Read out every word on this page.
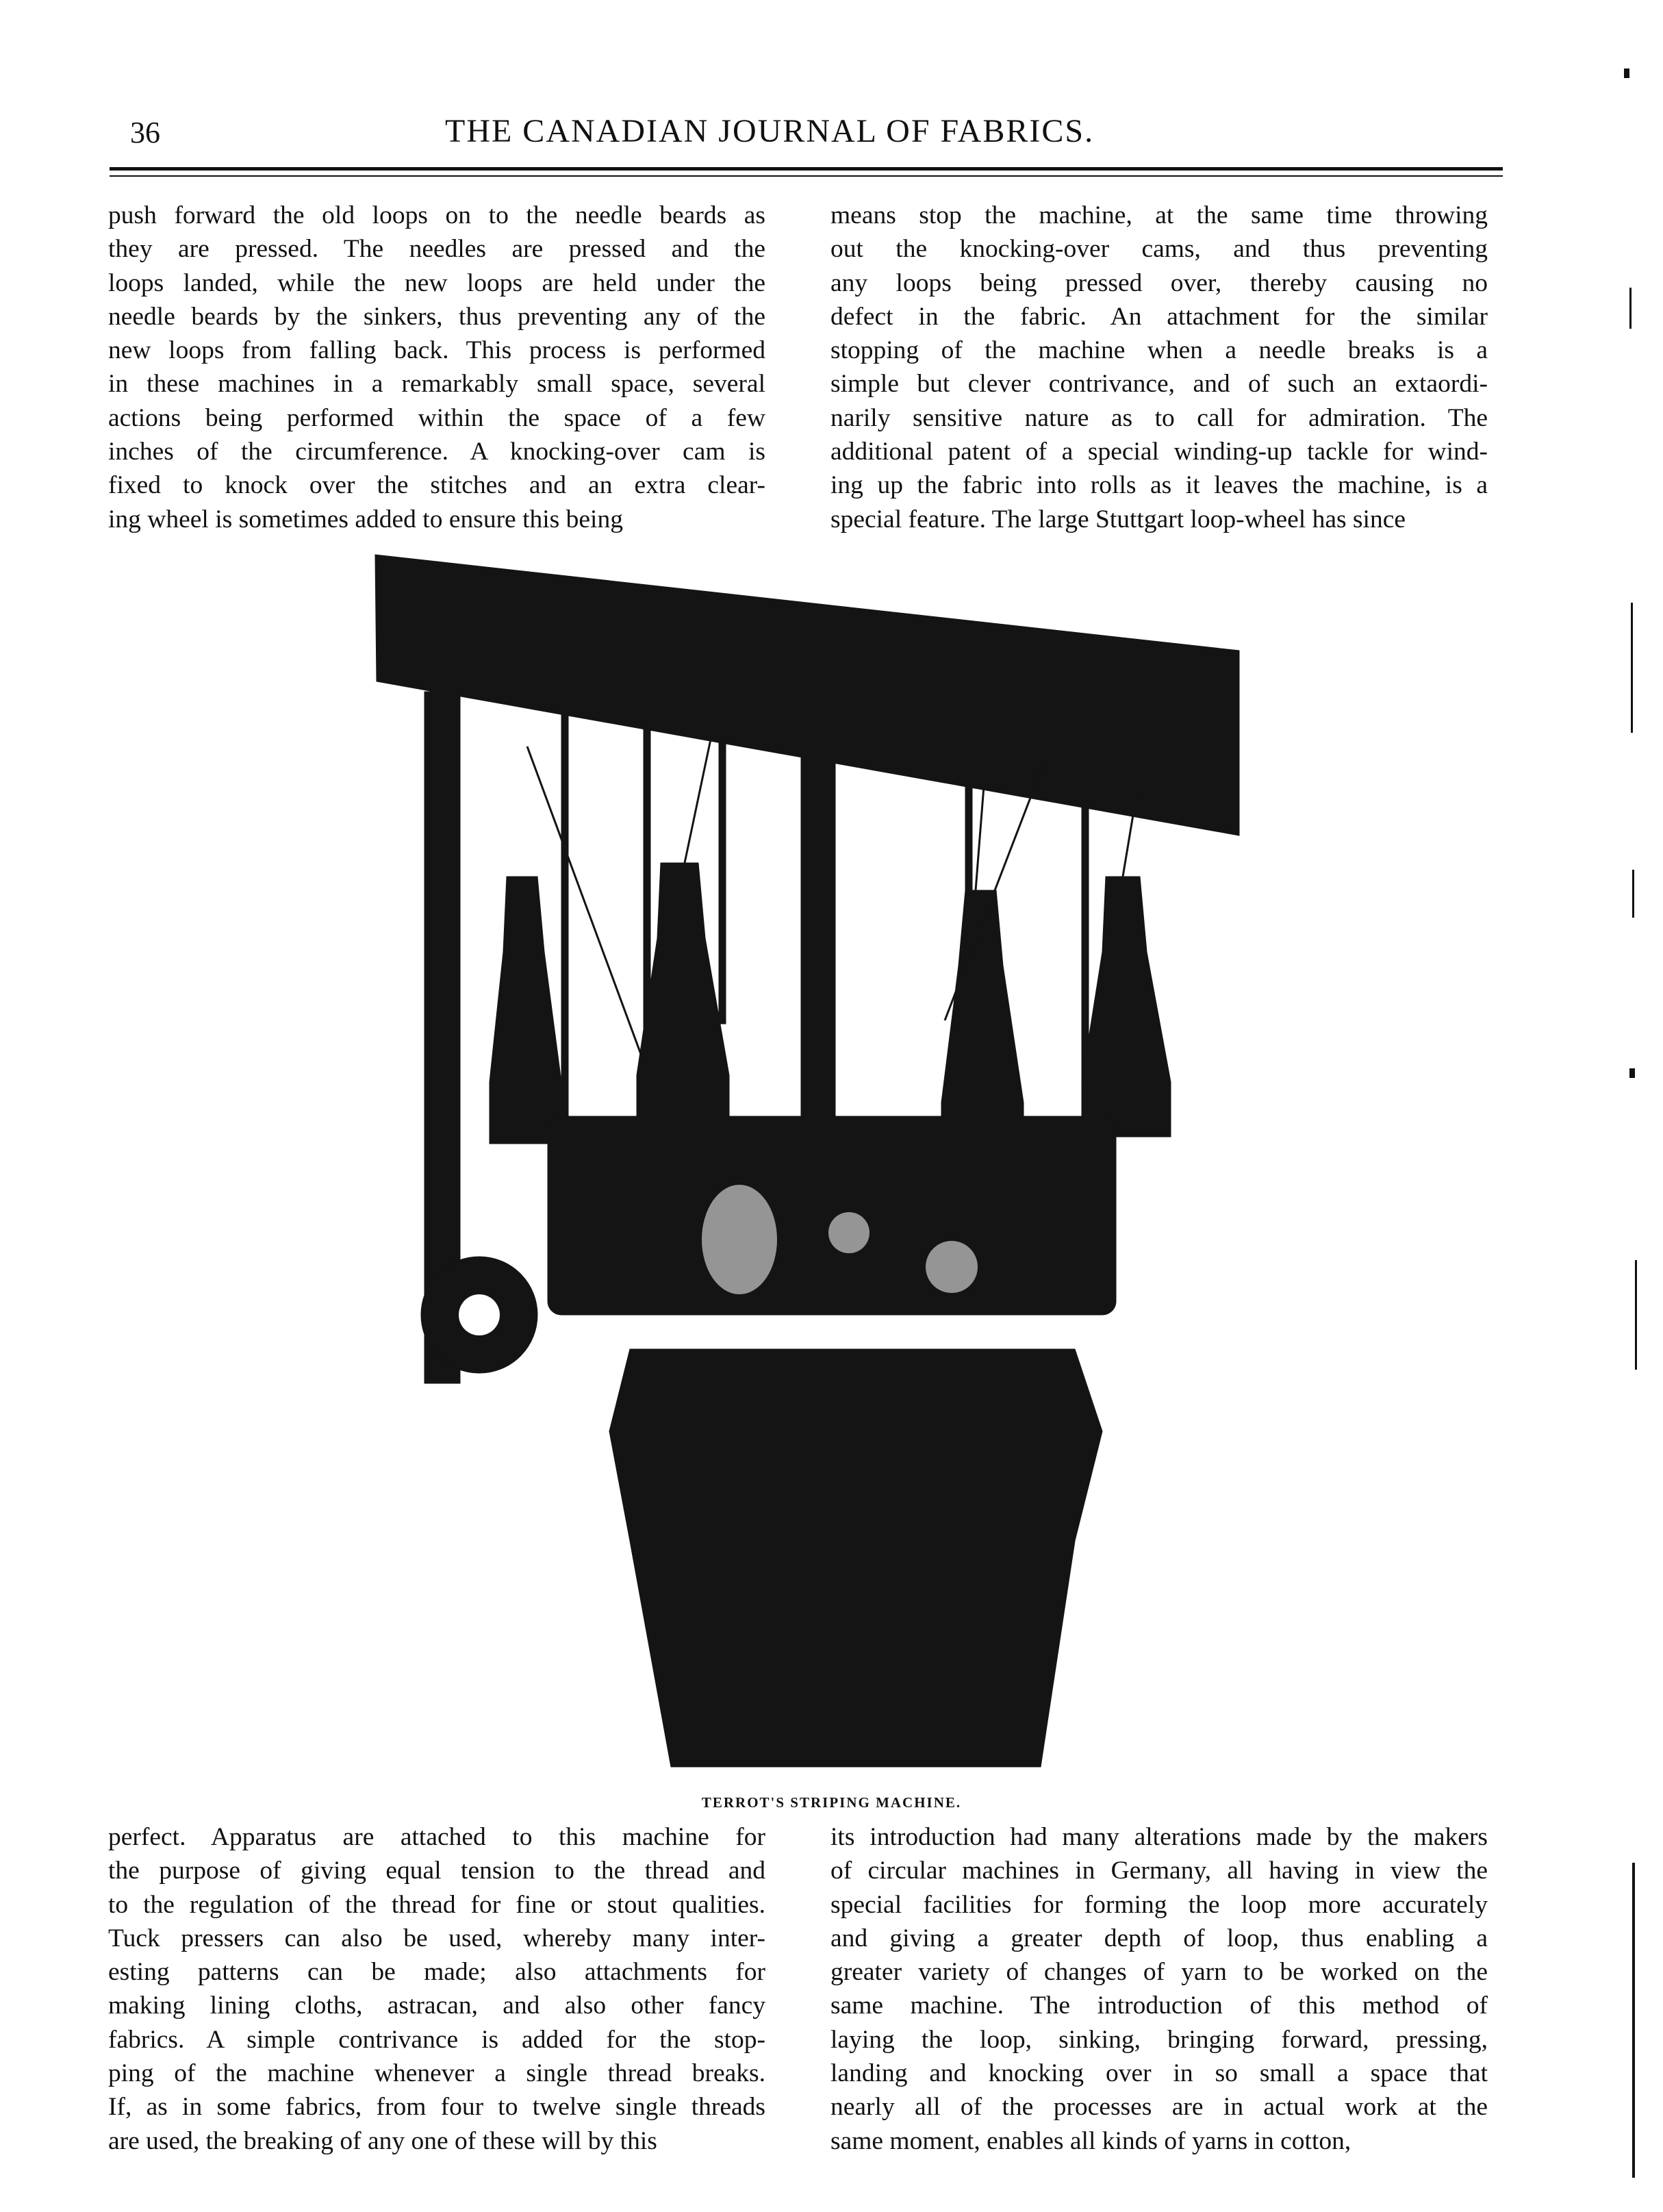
36	THE CANADIAN JOURNAL OF FABRICS.
push forward the old loops on to the needle beards as
they are pressed. The needles are pressed and the
loops landed, while the new loops are held under the
needle beards by the sinkers, thus preventing any of the
new loops from falling back. This process is performed
in these machines in a remarkably small space, several
actions being performed within the space of a few
inches of the circumference. A knocking-over cam is
fixed to knock over the stitches and an extra clear-
ing wheel is sometimes added to ensure this being
means stop the machine, at the same time throwing
out the knocking-over cams, and thus preventing
any loops being pressed over, thereby causing no
defect in the fabric. An attachment for the similar
stopping of the machine when a needle breaks is a
simple but clever contrivance, and of such an extaordi-
narily sensitive nature as to call for admiration. The
additional patent of a special winding-up tackle for wind-
ing up the fabric into rolls as it leaves the machine, is a
special feature. The large Stuttgart loop-wheel has since
TERROT'S STRIPING MACHINE.
perfect. Apparatus are attached to this machine for
the purpose of giving equal tension to the thread and
to the regulation of the thread for fine or stout qualities.
Tuck pressers can also be used, whereby many inter-
esting patterns can be made; also attachments for
making lining cloths, astracan, and also other fancy
fabrics. A simple contrivance is added for the stop-
ping of the machine whenever a single thread breaks.
If, as in some fabrics, from four to twelve single threads
are used, the breaking of any one of these will by this
its introduction had many alterations made by the makers
of circular machines in Germany, all having in view the
special facilities for forming the loop more accurately
and giving a greater depth of loop, thus enabling a
greater variety of changes of yarn to be worked on the
same machine. The introduction of this method of
laying the loop, sinking, bringing forward, pressing,
landing and knocking over in so small a space that
nearly all of the processes are in actual work at the
same moment, enables all kinds of yarns in cotton,
